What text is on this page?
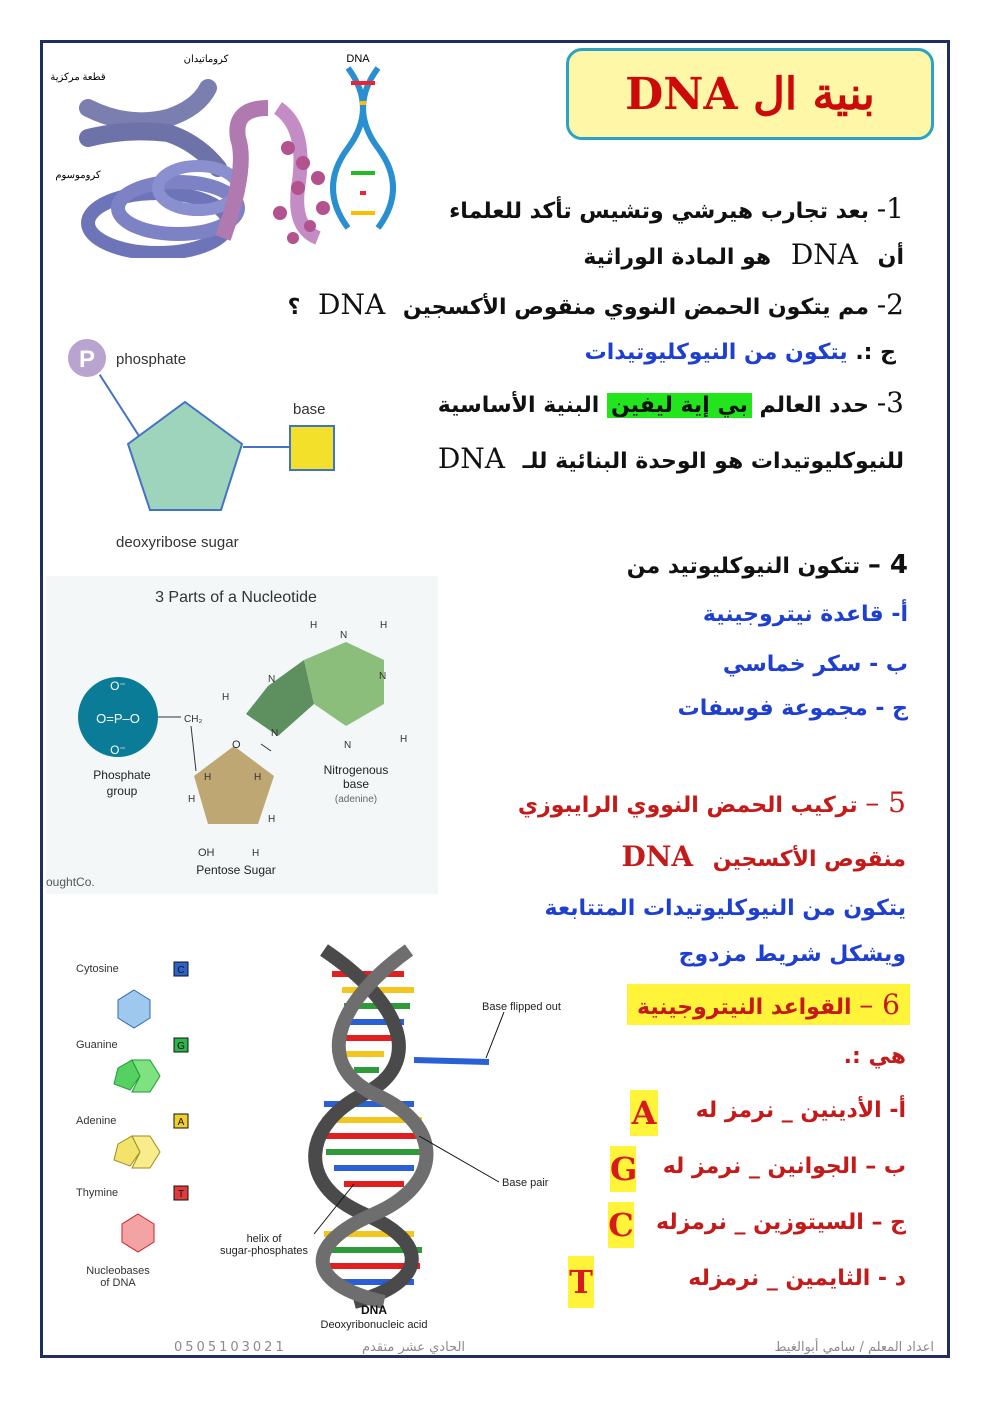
بنية ال DNA
كروماتيدان
قطعة مركزية
كروموسوم
DNA
1- بعد تجارب هيرشي وتشيس تأكد للعلماء
أن DNA هو المادة الوراثية
2- مم يتكون الحمض النووي منقوص الأكسجين DNA ؟
ج :. يتكون من النيوكليوتيدات
P phosphate
base
deoxyribose sugar
3- حدد العالم بي إية ليفين البنية الأساسية
للنيوكليوتيدات هو الوحدة البنائية للـ DNA
4 – تتكون النيوكليوتيد من
أ- قاعدة نيتروجينية
ب - سكر خماسي
ج - مجموعة فوسفات
3 Parts of a Nucleotide
O⁻
O=P–O
O⁻
CH₂
Phosphate
group
O
H	H
H
H
OH	H
Pentose Sugar
N
N
N
N
H
H
N
H	H
Nitrogenous
base
(adenine)
oughtCo.
5 – تركيب الحمض النووي الرايبوزي
منقوص الأكسجين DNA
يتكون من النيوكليوتيدات المتتابعة
ويشكل شريط مزدوج
6 – القواعد النيتروجينية
هي :.
أ- الأدينين _ نرمز له
A
ب – الجوانين _ نرمز له
G
ج – السيتوزين _ نرمزله
C
د - الثايمين _ نرمزله
T
Cytosine	C
Guanine	G
Adenine	A
Thymine	T
Nucleobases
of DNA
Base flipped out
Base pair
helix of
sugar-phosphates
DNA
Deoxyribonucleic acid
اعداد المعلم / سامي أبوالغيط
الحادي عشر متقدم
0505103021
